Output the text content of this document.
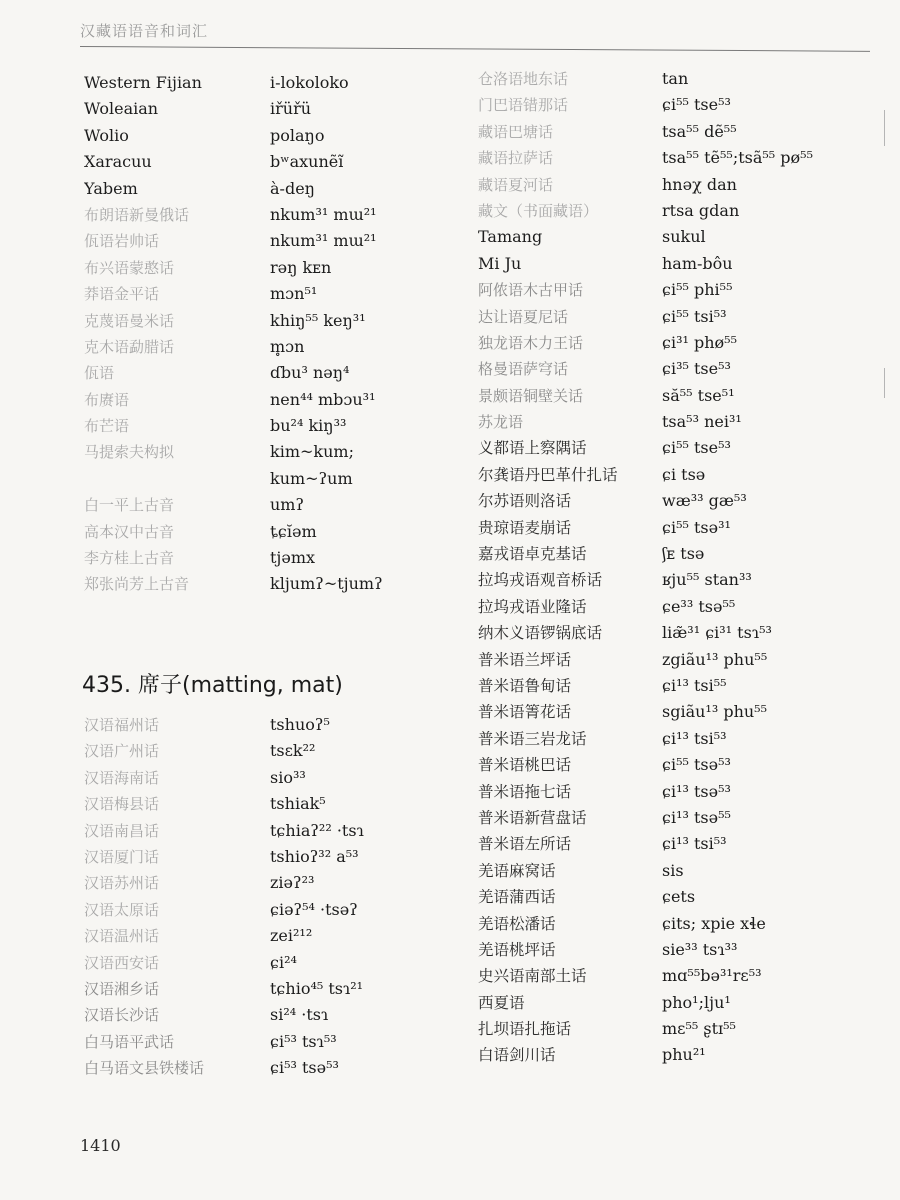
汉藏语语音和词汇
Western Fijian	i-lokoloko
Woleaian	iřüřü
Wolio	polaŋo
Xaracuu	bʷaxunẽĩ
Yabem	à-deŋ
布朗语新曼俄话	nkum³¹ mɯ²¹
佤语岩帅话	nkum³¹ mɯ²¹
布兴语蒙憨话	rəŋ kᴇn
莽语金平话	mɔn⁵¹
克蔑语曼米话	khiŋ⁵⁵ keŋ³¹
克木语勐腊话	m̥ɔn
佤语	ɗbu³ nəŋ⁴
布赓语	nen⁴⁴ mbɔu³¹
布芒语	bu²⁴ kiŋ³³
马提索夫构拟	kim~kum;
kum~ʔum
白一平上古音	umʔ
高本汉中古音	ȶɕĭəm
李方桂上古音	tjəmx
郑张尚芳上古音	kljumʔ~tjumʔ
435. 席子(matting, mat)
汉语福州话	tshuoʔ⁵
汉语广州话	tsɛk²²
汉语海南话	sio³³
汉语梅县话	tshiak⁵
汉语南昌话	tɕhiaʔ²² ·tsɿ
汉语厦门话	tshioʔ³² a⁵³
汉语苏州话	ziəʔ²³
汉语太原话	ɕiəʔ⁵⁴ ·tsəʔ
汉语温州话	zei²¹²
汉语西安话	ɕi²⁴
汉语湘乡话	tɕhio⁴⁵ tsɿ²¹
汉语长沙话	si²⁴ ·tsɿ
白马语平武话	ɕi⁵³ tsɿ⁵³
白马语文县铁楼话	ɕi⁵³ tsə⁵³
仓洛语地东话	tan
门巴语错那话	ɕi⁵⁵ tse⁵³
藏语巴塘话	tsa⁵⁵ dẽ⁵⁵
藏语拉萨话	tsa⁵⁵ tẽ⁵⁵;tsã⁵⁵ pø⁵⁵
藏语夏河话	hnəχ dan
藏文（书面藏语）	rtsa gdan
Tamang	sukul
Mi Ju	ham-bôu
阿侬语木古甲话	ɕi⁵⁵ phi⁵⁵
达让语夏尼话	ɕi⁵⁵ tsi⁵³
独龙语木力王话	ɕi³¹ phø⁵⁵
格曼语萨穹话	ɕi³⁵ tse⁵³
景颇语铜壁关话	să⁵⁵ tse⁵¹
苏龙语	tsa⁵³ nei³¹
义都语上察隅话	ɕi⁵⁵ tse⁵³
尔龚语丹巴革什扎话	ɕi tsə
尔苏语则洛话	wæ³³ gæ⁵³
贵琼语麦崩话	ɕi⁵⁵ tsə³¹
嘉戎语卓克基话	ʃᴇ tsə
拉坞戎语观音桥话	ʁju⁵⁵ stan³³
拉坞戎语业隆话	ɕe³³ tsə⁵⁵
纳木义语锣锅底话	liæ̃³¹ ɕi³¹ tsɿ⁵³
普米语兰坪话	zgiãu¹³ phu⁵⁵
普米语鲁甸话	ɕi¹³ tsi⁵⁵
普米语箐花话	sgiãu¹³ phu⁵⁵
普米语三岩龙话	ɕi¹³ tsi⁵³
普米语桃巴话	ɕi⁵⁵ tsə⁵³
普米语拖七话	ɕi¹³ tsə⁵³
普米语新营盘话	ɕi¹³ tsə⁵⁵
普米语左所话	ɕi¹³ tsi⁵³
羌语麻窝话	sis
羌语蒲西话	ɕets
羌语松潘话	ɕits; xpie xɬe
羌语桃坪话	sie³³ tsɿ³³
史兴语南部土话	mɑ⁵⁵bə³¹rɛ⁵³
西夏语	pho¹;lju¹
扎坝语扎拖话	mɛ⁵⁵ ʂtɪ⁵⁵
白语剑川话	phu²¹
1410
